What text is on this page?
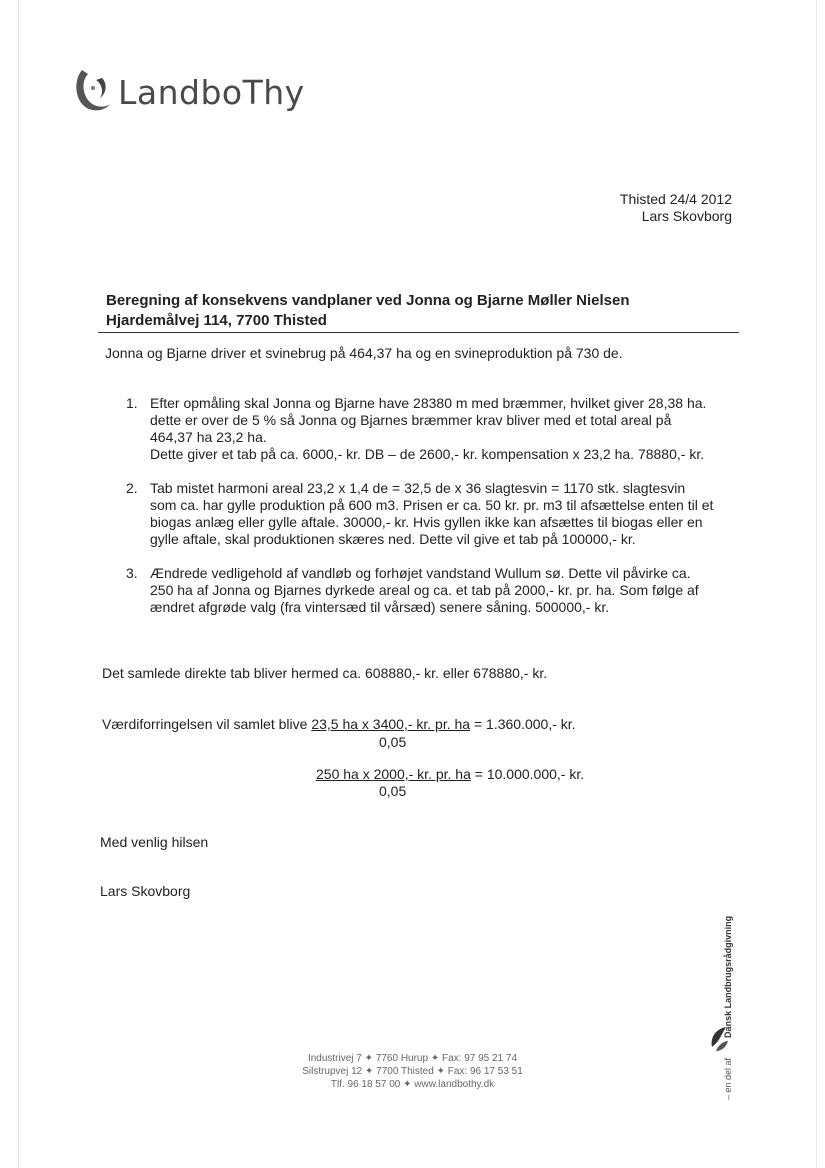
LandboThy
Thisted 24/4 2012
Lars Skovborg
Beregning af konsekvens vandplaner ved Jonna og Bjarne Møller Nielsen
Hjardemålvej 114, 7700 Thisted
Jonna og Bjarne driver et svinebrug på 464,37 ha og en svineproduktion på 730 de.
1. Efter opmåling skal Jonna og Bjarne have 28380 m med bræmmer, hvilket giver 28,38 ha.
dette er over de 5 % så Jonna og Bjarnes bræmmer krav bliver med et total areal på
464,37 ha 23,2 ha.
Dette giver et tab på ca. 6000,- kr. DB – de 2600,- kr. kompensation x 23,2 ha. 78880,- kr.
2. Tab mistet harmoni areal 23,2 x 1,4 de = 32,5 de x 36 slagtesvin = 1170 stk. slagtesvin
som ca. har gylle produktion på 600 m3. Prisen er ca. 50 kr. pr. m3 til afsættelse enten til et
biogas anlæg eller gylle aftale. 30000,- kr. Hvis gyllen ikke kan afsættes til biogas eller en
gylle aftale, skal produktionen skæres ned. Dette vil give et tab på 100000,- kr.
3. Ændrede vedligehold af vandløb og forhøjet vandstand Wullum sø. Dette vil påvirke ca.
250 ha af Jonna og Bjarnes dyrkede areal og ca. et tab på 2000,- kr. pr. ha. Som følge af
ændret afgrøde valg (fra vintersæd til vårsæd) senere såning. 500000,- kr.
Det samlede direkte tab bliver hermed ca. 608880,- kr. eller 678880,- kr.
Værdiforringelsen vil samlet blive 23,5 ha x 3400,- kr. pr. ha = 1.360.000,- kr.
0,05
250 ha x 2000,- kr. pr. ha = 10.000.000,- kr.
0,05
Med venlig hilsen
Lars Skovborg
Industrivej 7 ✦ 7760 Hurup ✦ Fax: 97 95 21 74
Silstrupvej 12 ✦ 7700 Thisted ✦ Fax: 96 17 53 51
Tlf. 96 18 57 00 ✦ www.landbothy.dk	– en del af        Dansk Landbrugsrådgivning
